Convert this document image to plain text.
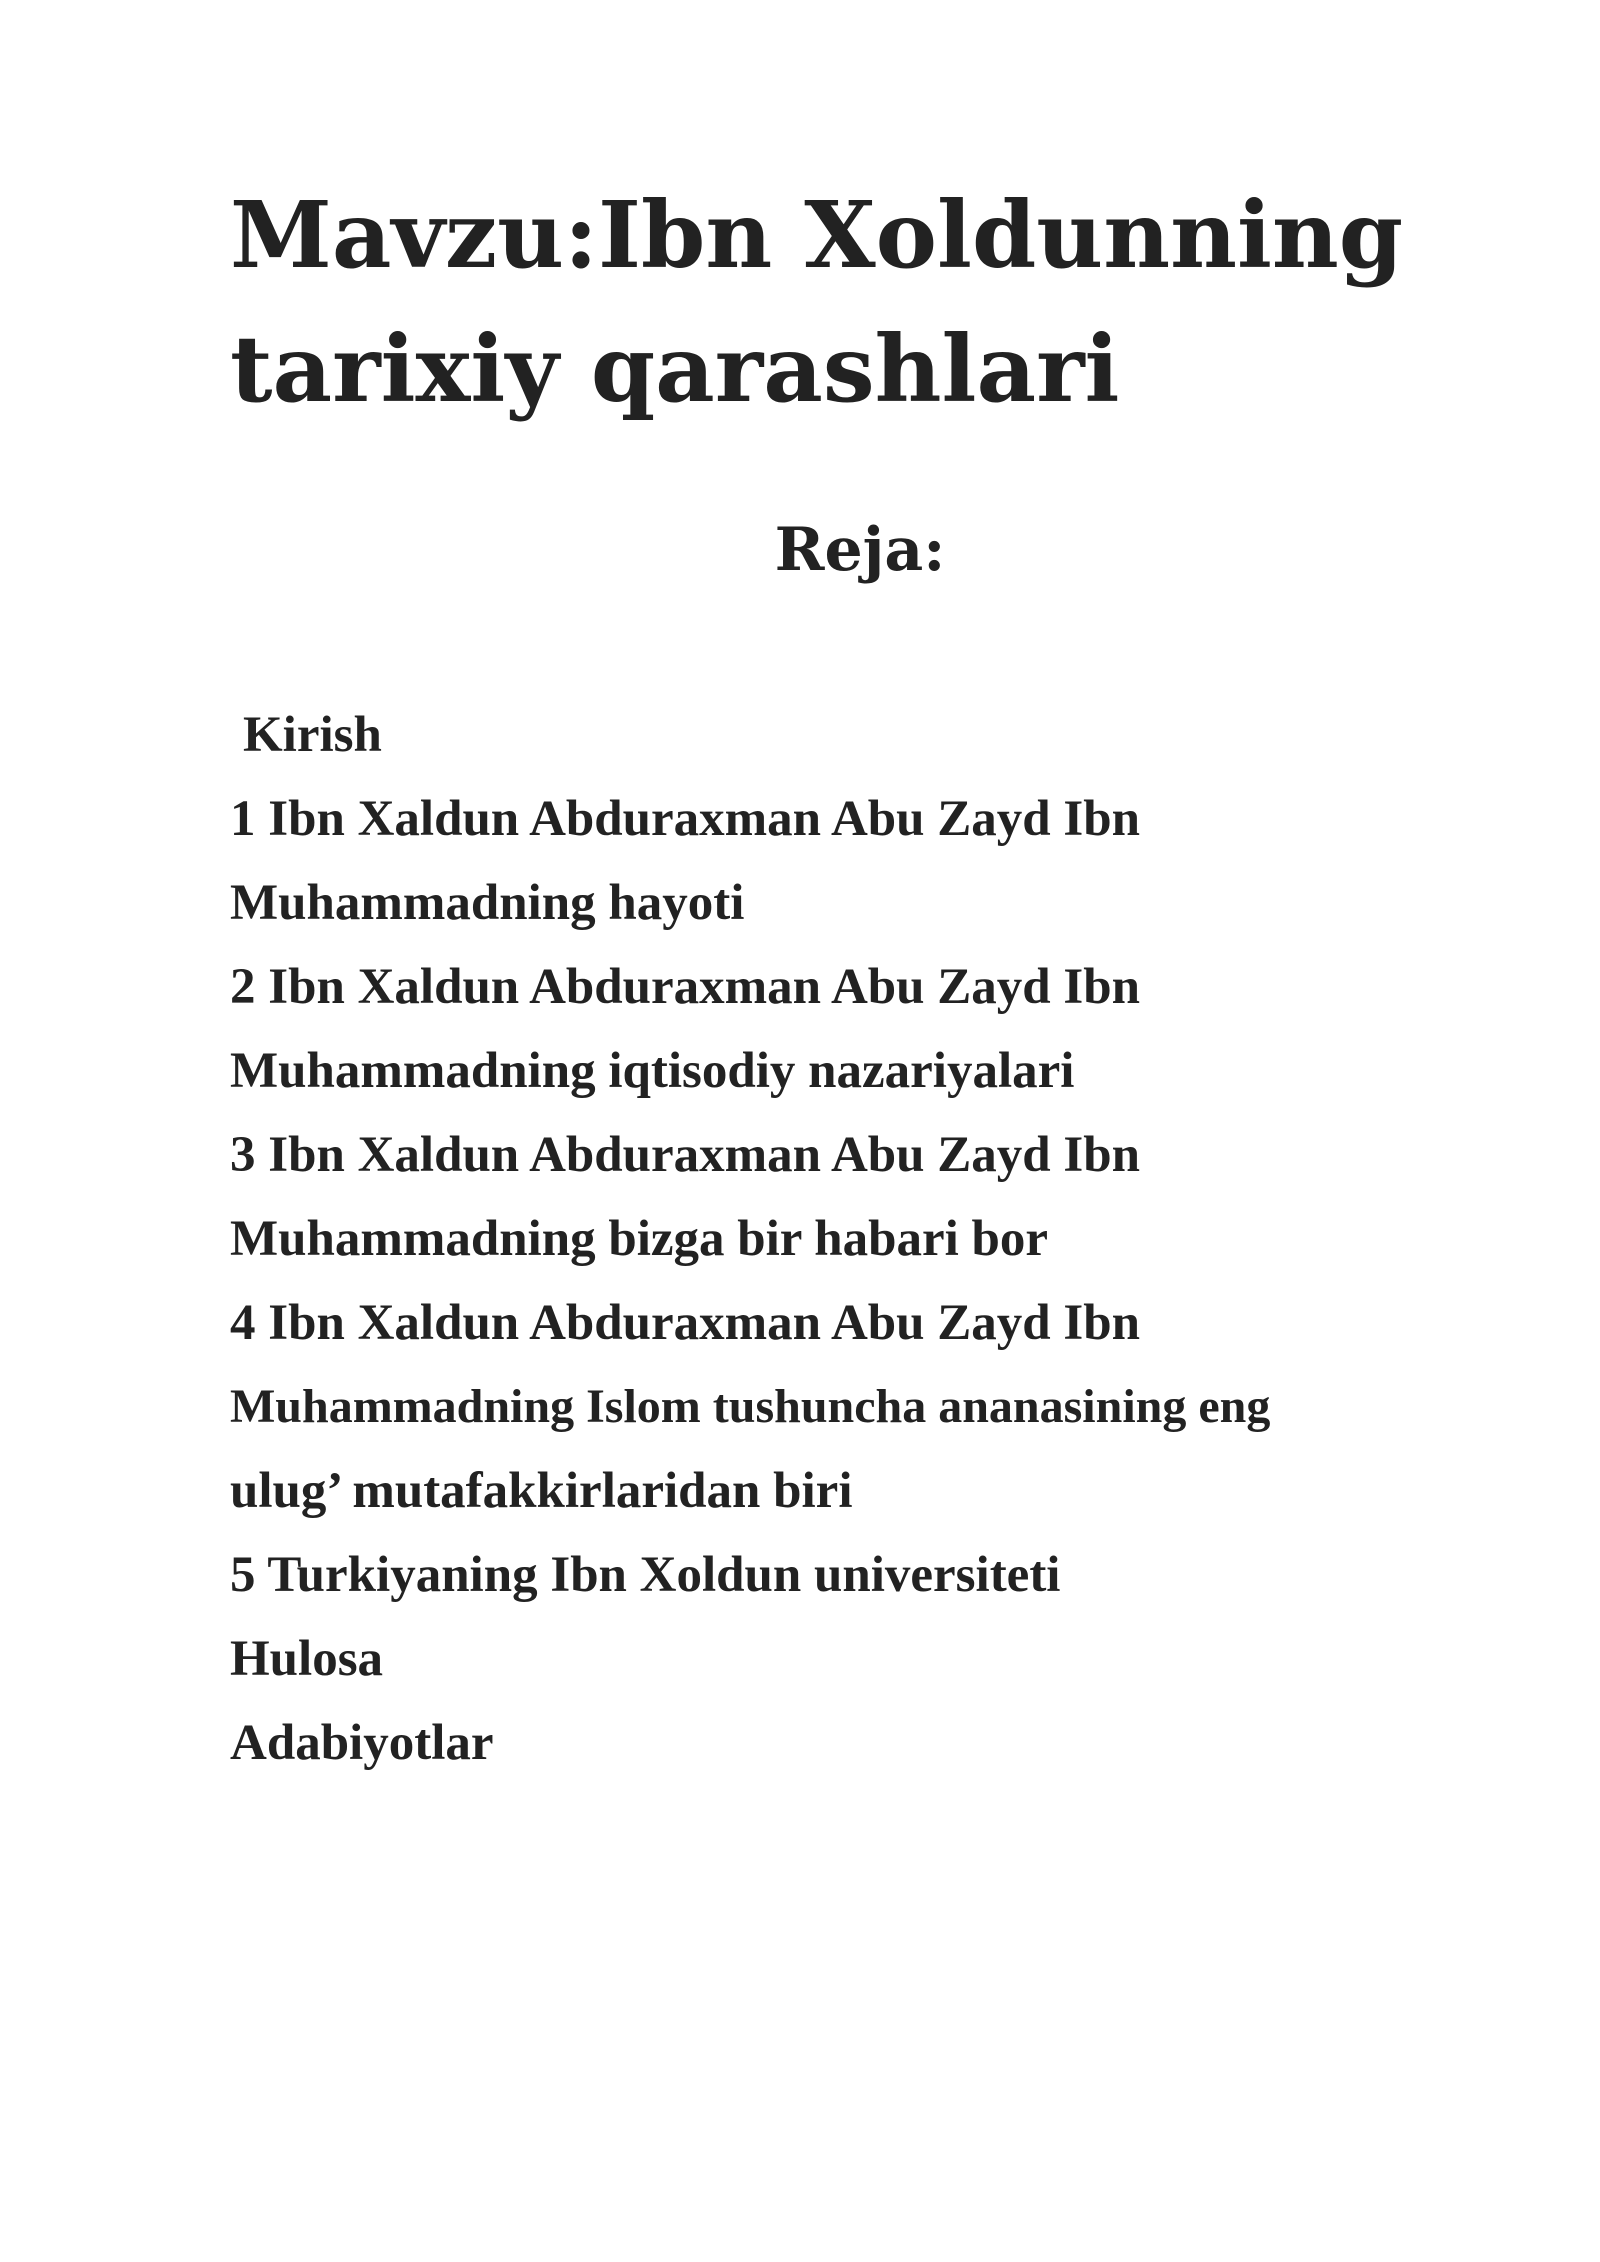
Mavzu:Ibn Xoldunning
tarixiy qarashlari
Reja:
Kirish
1 Ibn Xaldun Abduraxman Abu Zayd Ibn
Muhammadning hayoti
2 Ibn Xaldun Abduraxman Abu Zayd Ibn
Muhammadning iqtisodiy nazariyalari
3 Ibn Xaldun Abduraxman Abu Zayd Ibn
Muhammadning bizga bir habari bor
4 Ibn Xaldun Abduraxman Abu Zayd Ibn
Muhammadning Islom tushuncha ananasining eng
ulug’ mutafakkirlaridan biri
5 Turkiyaning Ibn Xoldun universiteti
Hulosa
Adabiyotlar
